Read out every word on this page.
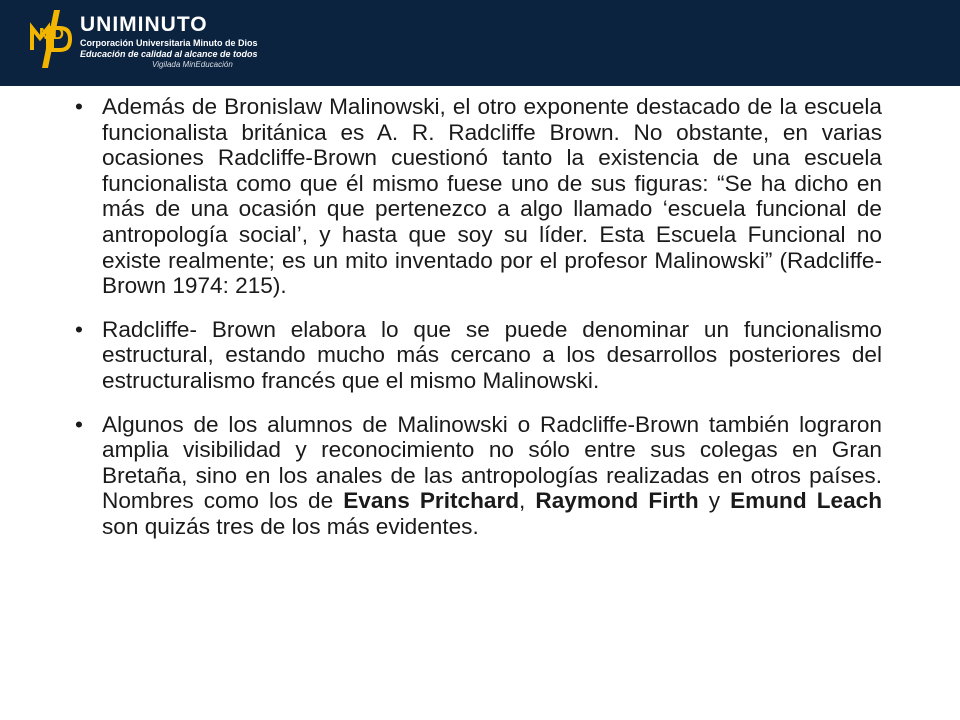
MD UNIMINUTO
Corporación Universitaria Minuto de Dios
Educación de calidad al alcance de todos
Vigilada MinEducación
• Además de Bronislaw Malinowski, el otro exponente destacado de la escuela funcionalista británica es A. R. Radcliffe Brown. No obstante, en varias ocasiones Radcliffe-Brown cuestionó tanto la existencia de una escuela funcionalista como que él mismo fuese uno de sus figuras: “Se ha dicho en más de una ocasión que pertenezco a algo llamado ‘escuela funcional de antropología social’, y hasta que soy su líder. Esta Escuela Funcional no existe realmente; es un mito inventado por el profesor Malinowski” (Radcliffe-Brown 1974: 215).
• Radcliffe- Brown elabora lo que se puede denominar un funcionalismo estructural, estando mucho más cercano a los desarrollos posteriores del estructuralismo francés que el mismo Malinowski.
• Algunos de los alumnos de Malinowski o Radcliffe-Brown también lograron amplia visibilidad y reconocimiento no sólo entre sus colegas en Gran Bretaña, sino en los anales de las antropologías realizadas en otros países. Nombres como los de Evans Pritchard, Raymond Firth y Emund Leach son quizás tres de los más evidentes.
